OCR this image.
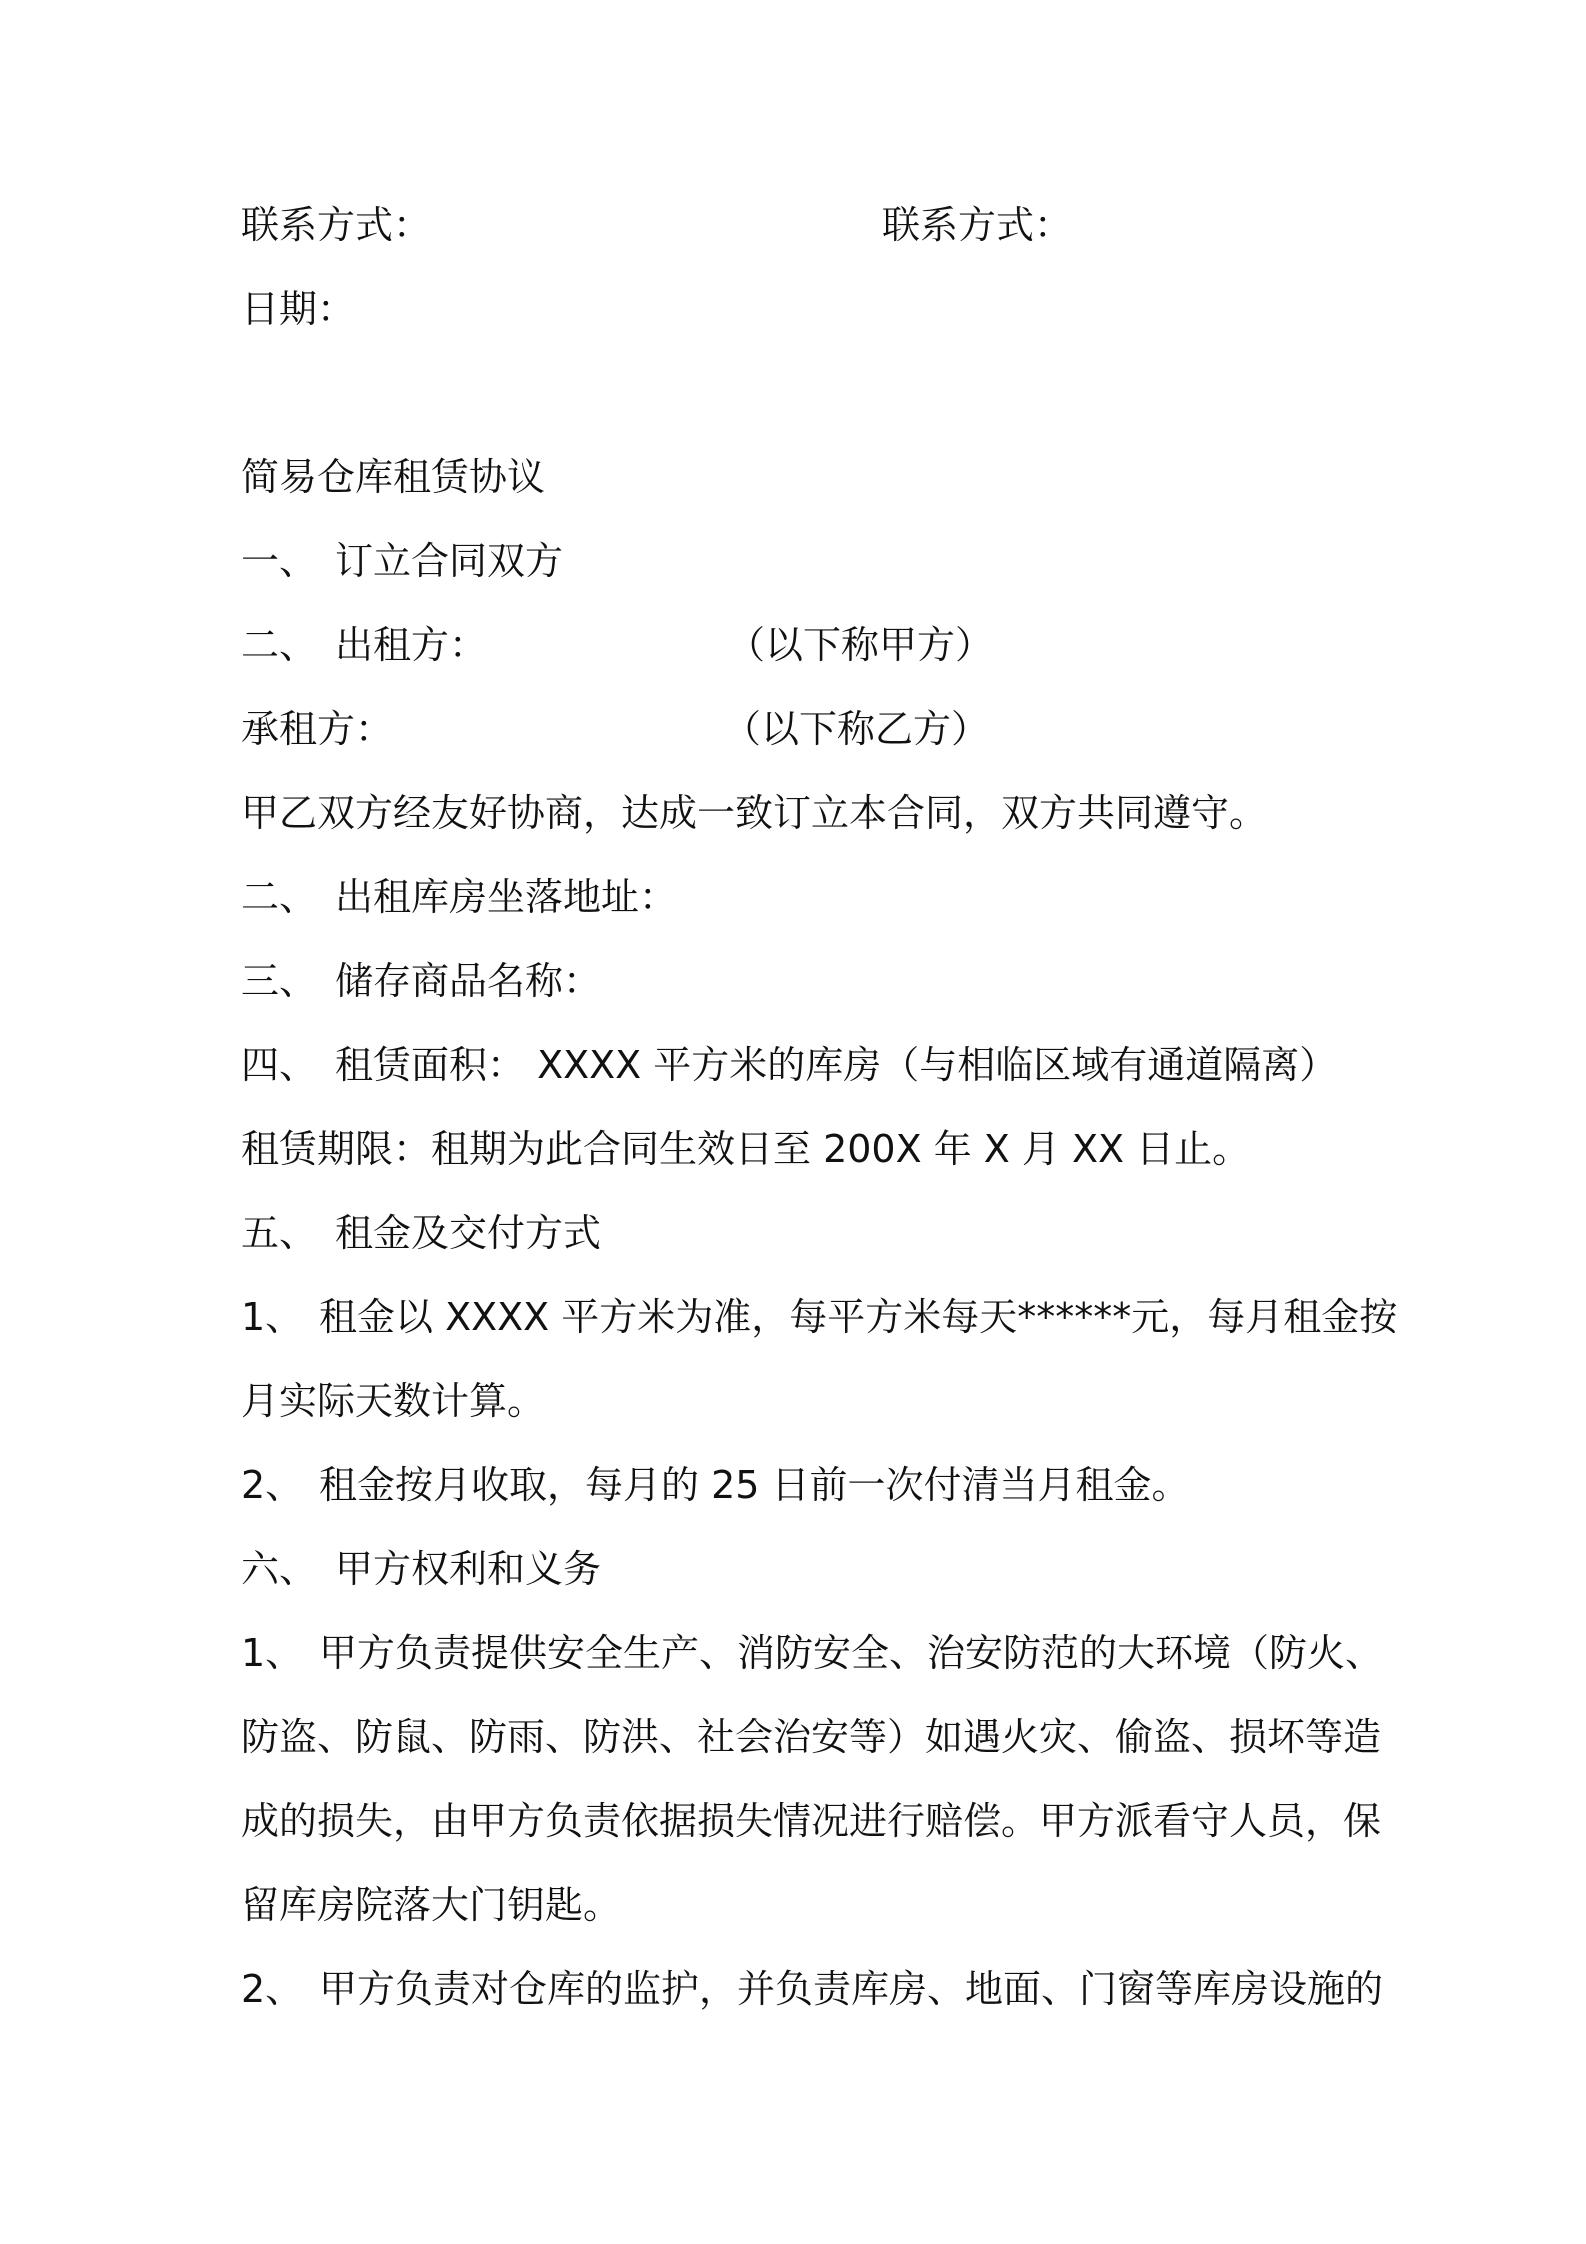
联系方式：	联系方式：
日期：
简易仓库租赁协议
一、 订立合同双方
二、 出租方：	（以下称甲方）
承租方：	（以下称乙方）
甲乙双方经友好协商，达成一致订立本合同，双方共同遵守。
二、 出租库房坐落地址：
三、 储存商品名称：
四、 租赁面积： XXXX 平方米的库房（与相临区域有通道隔离）
租赁期限：租期为此合同生效日至 200X 年 X 月 XX 日止。
五、 租金及交付方式
1、 租金以 XXXX 平方米为准，每平方米每天******元，每月租金按
月实际天数计算。
2、 租金按月收取，每月的 25 日前一次付清当月租金。
六、 甲方权利和义务
1、 甲方负责提供安全生产、消防安全、治安防范的大环境（防火、
防盗、防鼠、防雨、防洪、社会治安等）如遇火灾、偷盗、损坏等造
成的损失，由甲方负责依据损失情况进行赔偿。甲方派看守人员，保
留库房院落大门钥匙。
2、 甲方负责对仓库的监护，并负责库房、地面、门窗等库房设施的
